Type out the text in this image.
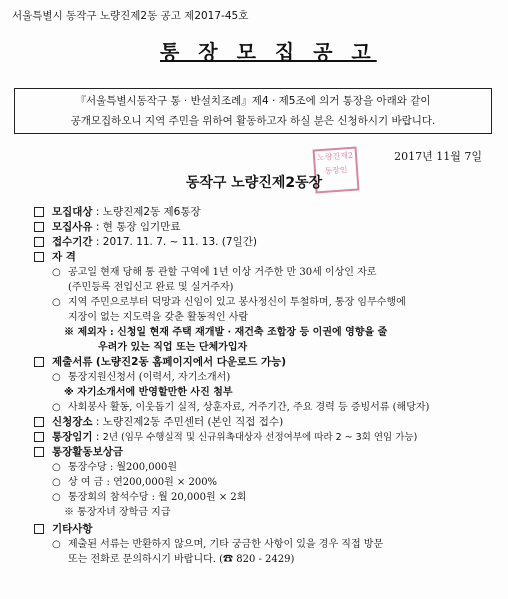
서울특별시 동작구 노량진제2동 공고 제2017-45호
통 장 모 집 공 고
『서울특별시동작구 통 · 반설치조례』제4 · 제5조에 의거 통장을 아래와 같이
공개모집하오니 지역 주민을 위하여 활동하고자 하실 분은 신청하시기 바랍니다.
노량진제2동장인
2017년 11월 7일
동작구 노량진제2동장
모집대상 : 노량진제2동 제6통장
모집사유 : 현 통장 임기만료
접수기간 : 2017. 11. 7. ~ 11. 13. (7일간)
자 격
○ 공고일 현재 당해 통 관할 구역에 1년 이상 거주한 만 30세 이상인 자로
(주민등록 전입신고 완료 및 실거주자)
○ 지역 주민으로부터 덕망과 신임이 있고 봉사정신이 투철하며, 통장 임무수행에
지장이 없는 지도력을 갖춘 활동적인 사람
※ 제외자 : 신청일 현재 주택 재개발 · 재건축 조합장 등 이권에 영향을 줄
우려가 있는 직업 또는 단체가입자
제출서류 (노량진2동 홈페이지에서 다운로드 가능)
○ 통장지원신청서 (이력서, 자기소개서)
※ 자기소개서에 반영할만한 사진 첨부
○ 사회봉사 활동, 이웃돕기 실적, 상훈자료, 거주기간, 주요 경력 등 증빙서류 (해당자)
신청장소 : 노량진제2동 주민센터 (본인 직접 접수)
통장임기 : 2년 (임무 수행실적 및 신규위촉대상자 선정여부에 따라 2 ~ 3회 연임 가능)
통장활동보상금
○ 통장수당 : 월200,000원
○ 상 여 금 : 연200,000원 × 200%
○ 통장회의 참석수당 : 월 20,000원 × 2회
※ 통장자녀 장학금 지급
기타사항
○ 제출된 서류는 반환하지 않으며, 기타 궁금한 사항이 있을 경우 직접 방문
또는 전화로 문의하시기 바랍니다. (☎ 820 - 2429)
